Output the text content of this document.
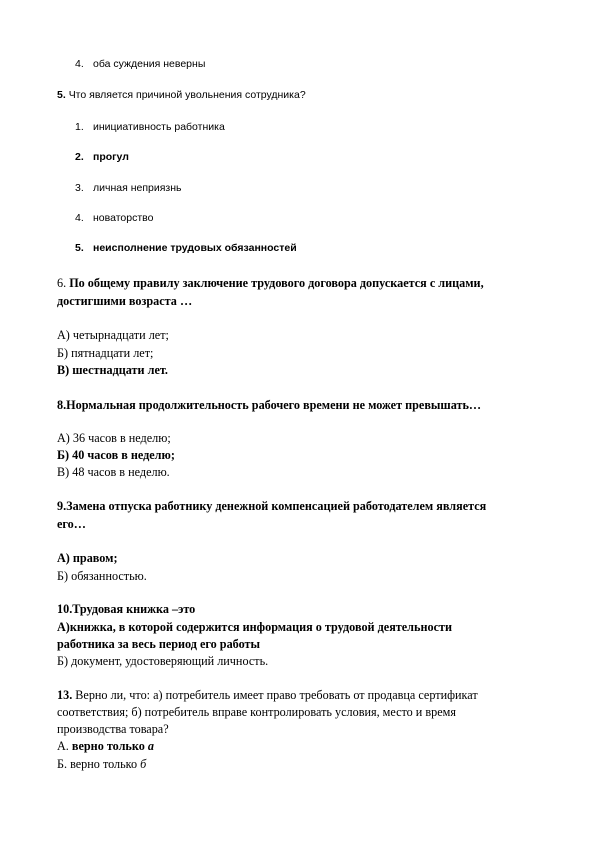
4. оба суждения неверны
5. Что является причиной увольнения сотрудника?
1. инициативность работника
2. прогул
3. личная неприязнь
4. новаторство
5. неисполнение трудовых обязанностей
6. По общему правилу заключение трудового договора допускается с лицами,
достигшими возраста …
А) четырнадцати лет;
Б) пятнадцати лет;
В) шестнадцати лет.
8.Нормальная продолжительность рабочего времени не может превышать…
А) 36 часов в неделю;
Б) 40 часов в неделю;
В) 48 часов в неделю.
9.Замена отпуска работнику денежной компенсацией работодателем является
его…
А) правом;
Б) обязанностью.
10.Трудовая книжка –это
А)книжка, в которой содержится информация о трудовой деятельности
работника за весь период его работы
Б) документ, удостоверяющий личность.
13. Верно ли, что: а) потребитель имеет право требовать от продавца сертификат
соответствия; б) потребитель вправе контролировать условия, место и время
производства товара?
А. верно только а
Б. верно только б
